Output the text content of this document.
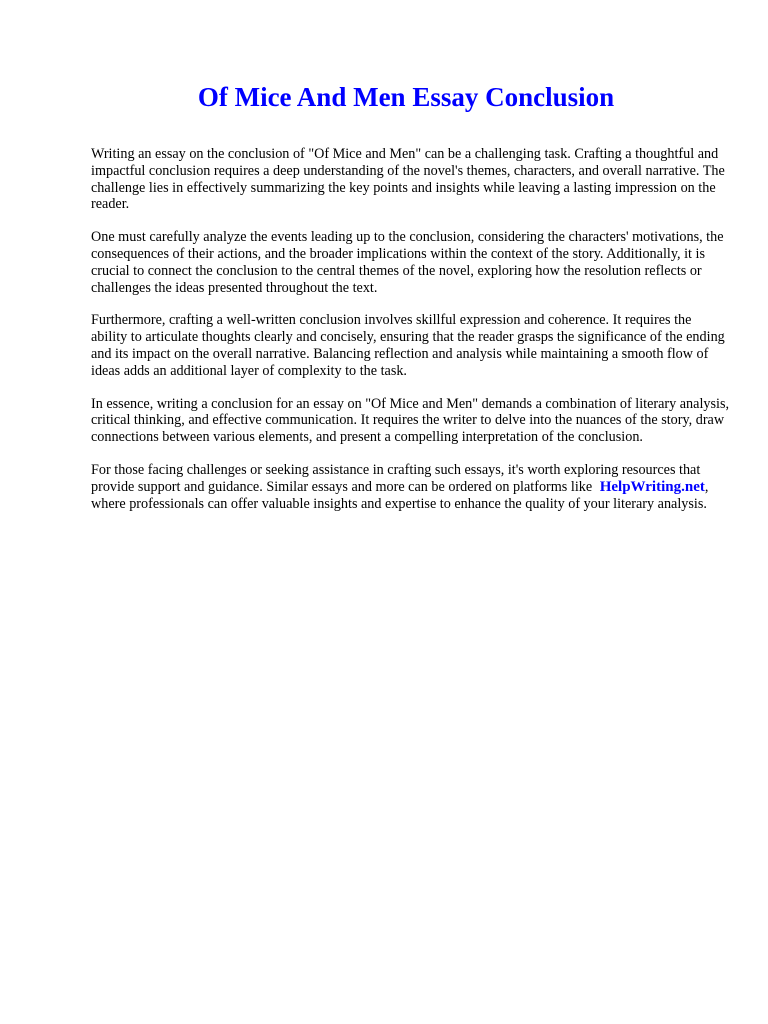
Of Mice And Men Essay Conclusion

Writing an essay on the conclusion of "Of Mice and Men" can be a challenging task. Crafting a thoughtful and impactful conclusion requires a deep understanding of the novel's themes, characters, and overall narrative. The challenge lies in effectively summarizing the key points and insights while leaving a lasting impression on the reader.

One must carefully analyze the events leading up to the conclusion, considering the characters' motivations, the consequences of their actions, and the broader implications within the context of the story. Additionally, it is crucial to connect the conclusion to the central themes of the novel, exploring how the resolution reflects or challenges the ideas presented throughout the text.

Furthermore, crafting a well-written conclusion involves skillful expression and coherence. It requires the ability to articulate thoughts clearly and concisely, ensuring that the reader grasps the significance of the ending and its impact on the overall narrative. Balancing reflection and analysis while maintaining a smooth flow of ideas adds an additional layer of complexity to the task.

In essence, writing a conclusion for an essay on "Of Mice and Men" demands a combination of literary analysis, critical thinking, and effective communication. It requires the writer to delve into the nuances of the story, draw connections between various elements, and present a compelling interpretation of the conclusion.

For those facing challenges or seeking assistance in crafting such essays, it's worth exploring resources that provide support and guidance. Similar essays and more can be ordered on platforms like HelpWriting.net, where professionals can offer valuable insights and expertise to enhance the quality of your literary analysis.
